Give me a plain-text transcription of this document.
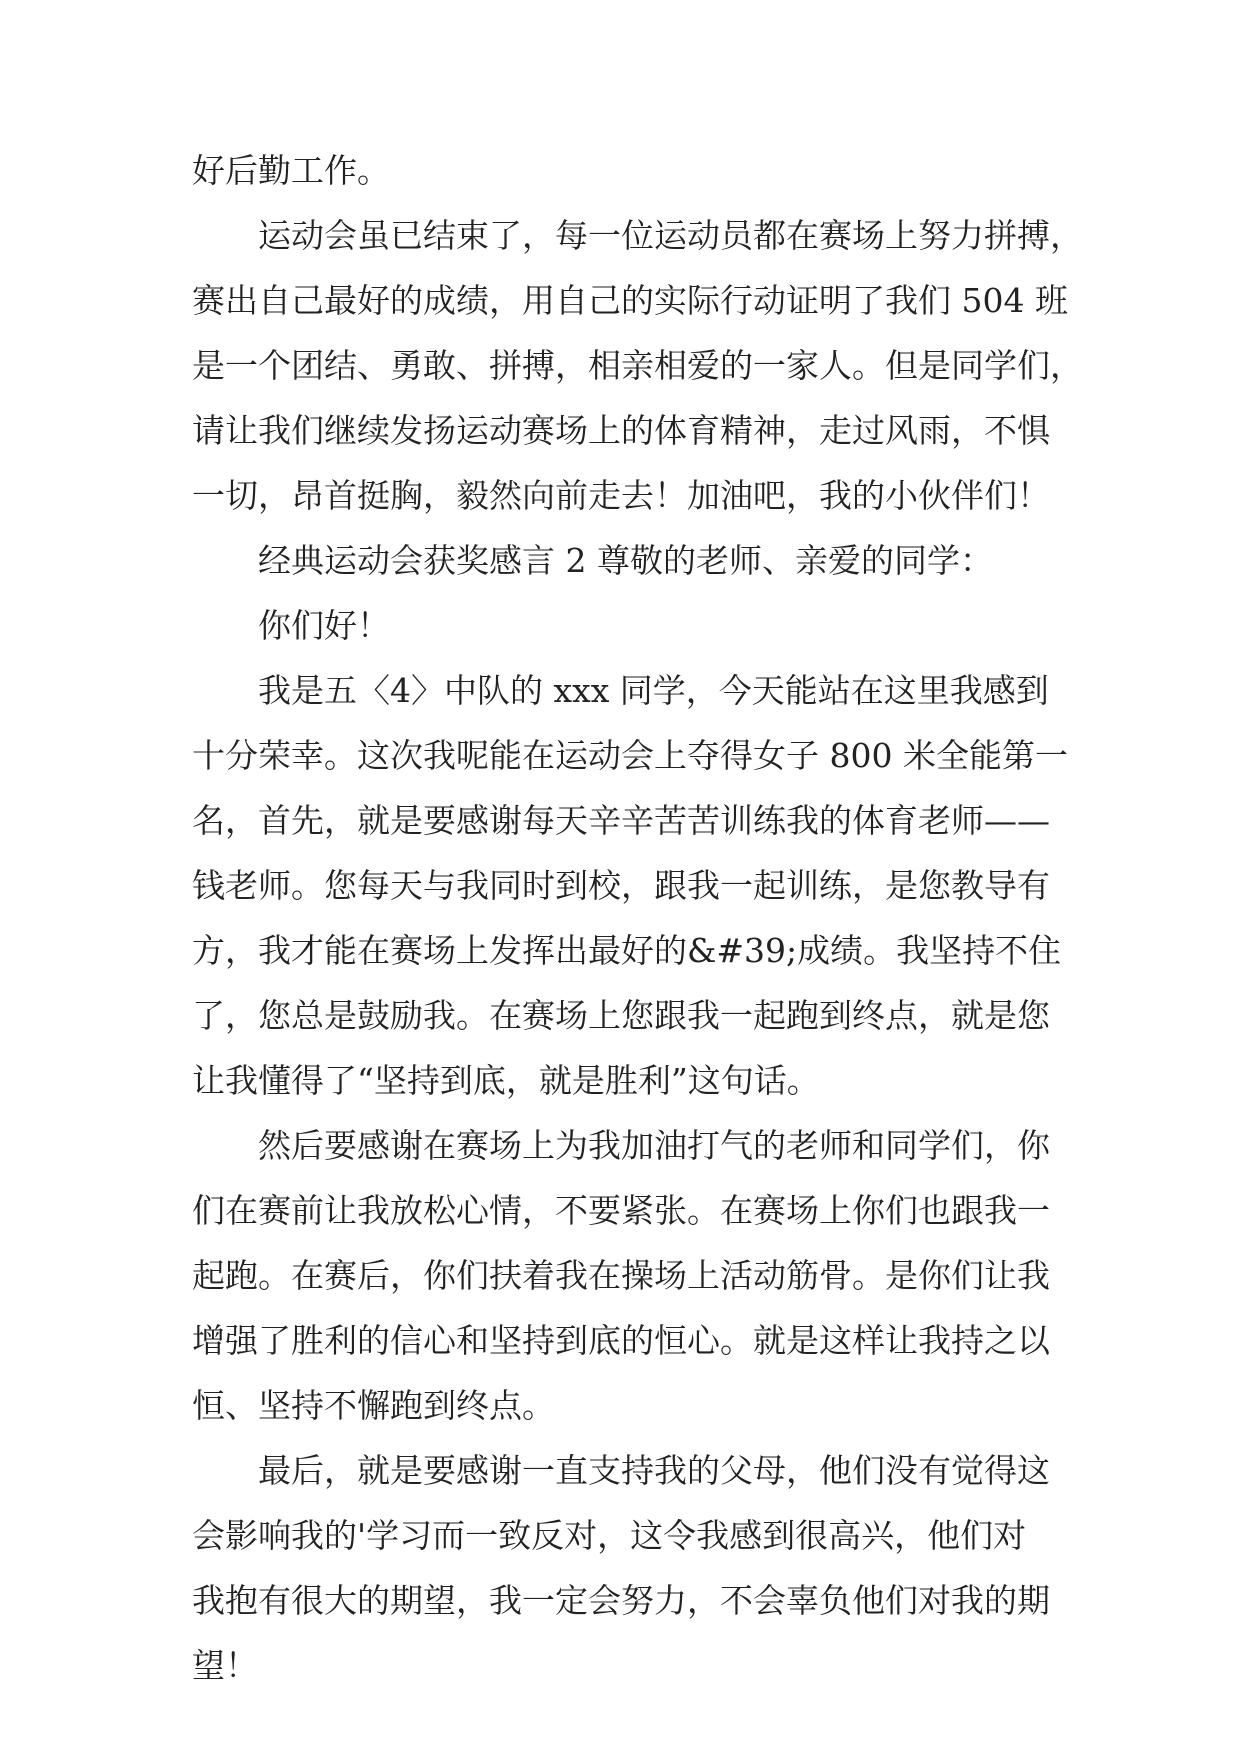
好后勤工作。
运动会虽已结束了，每一位运动员都在赛场上努力拼搏，
赛出自己最好的成绩，用自己的实际行动证明了我们 504 班
是一个团结、勇敢、拼搏，相亲相爱的一家人。但是同学们，
请让我们继续发扬运动赛场上的体育精神，走过风雨，不惧
一切，昂首挺胸，毅然向前走去！加油吧，我的小伙伴们！
经典运动会获奖感言 2 尊敬的老师、亲爱的同学：
你们好！
我是五〈4〉中队的 xxx 同学，今天能站在这里我感到
十分荣幸。这次我呢能在运动会上夺得女子 800 米全能第一
名，首先，就是要感谢每天辛辛苦苦训练我的体育老师——
钱老师。您每天与我同时到校，跟我一起训练，是您教导有
方，我才能在赛场上发挥出最好的&#39;成绩。我坚持不住
了，您总是鼓励我。在赛场上您跟我一起跑到终点，就是您
让我懂得了“坚持到底，就是胜利”这句话。
然后要感谢在赛场上为我加油打气的老师和同学们，你
们在赛前让我放松心情，不要紧张。在赛场上你们也跟我一
起跑。在赛后，你们扶着我在操场上活动筋骨。是你们让我
增强了胜利的信心和坚持到底的恒心。就是这样让我持之以
恒、坚持不懈跑到终点。
最后，就是要感谢一直支持我的父母，他们没有觉得这
会影响我的'学习而一致反对，这令我感到很高兴，他们对
我抱有很大的期望，我一定会努力，不会辜负他们对我的期
望！
